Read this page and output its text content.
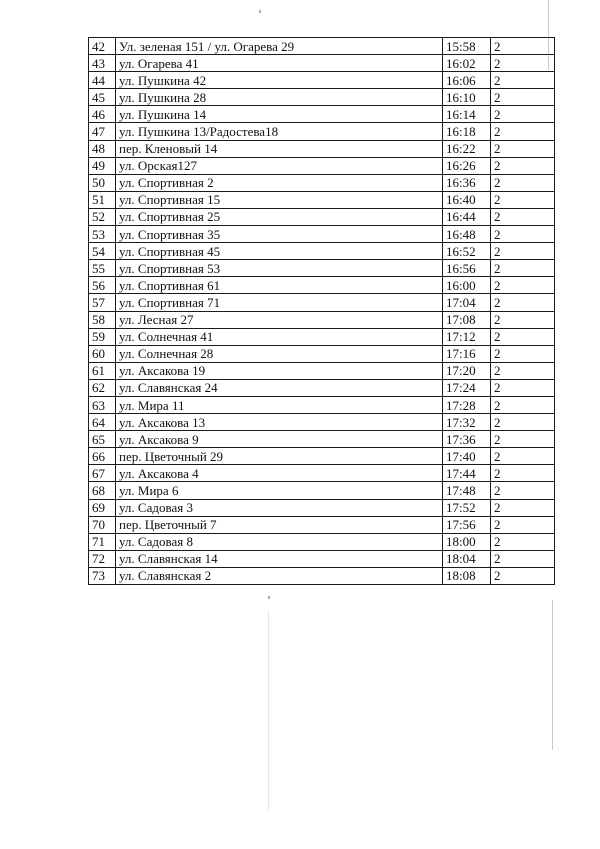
42	Ул. зеленая 151 / ул. Огарева 29	15:58	2
43	ул. Огарева 41	16:02	2
44	ул. Пушкина 42	16:06	2
45	ул. Пушкина 28	16:10	2
46	ул. Пушкина 14	16:14	2
47	ул. Пушкина 13/Радостева18	16:18	2
48	пер. Кленовый 14	16:22	2
49	ул. Орская127	16:26	2
50	ул. Спортивная 2	16:36	2
51	ул. Спортивная 15	16:40	2
52	ул. Спортивная 25	16:44	2
53	ул. Спортивная 35	16:48	2
54	ул. Спортивная 45	16:52	2
55	ул. Спортивная 53	16:56	2
56	ул. Спортивная 61	16:00	2
57	ул. Спортивная 71	17:04	2
58	ул. Лесная 27	17:08	2
59	ул. Солнечная 41	17:12	2
60	ул. Солнечная 28	17:16	2
61	ул. Аксакова 19	17:20	2
62	ул. Славянская 24	17:24	2
63	ул. Мира 11	17:28	2
64	ул. Аксакова 13	17:32	2
65	ул. Аксакова 9	17:36	2
66	пер. Цветочный 29	17:40	2
67	ул. Аксакова 4	17:44	2
68	ул. Мира 6	17:48	2
69	ул. Садовая 3	17:52	2
70	пер. Цветочный 7	17:56	2
71	ул. Садовая 8	18:00	2
72	ул. Славянская 14	18:04	2
73	ул. Славянская 2	18:08	2
